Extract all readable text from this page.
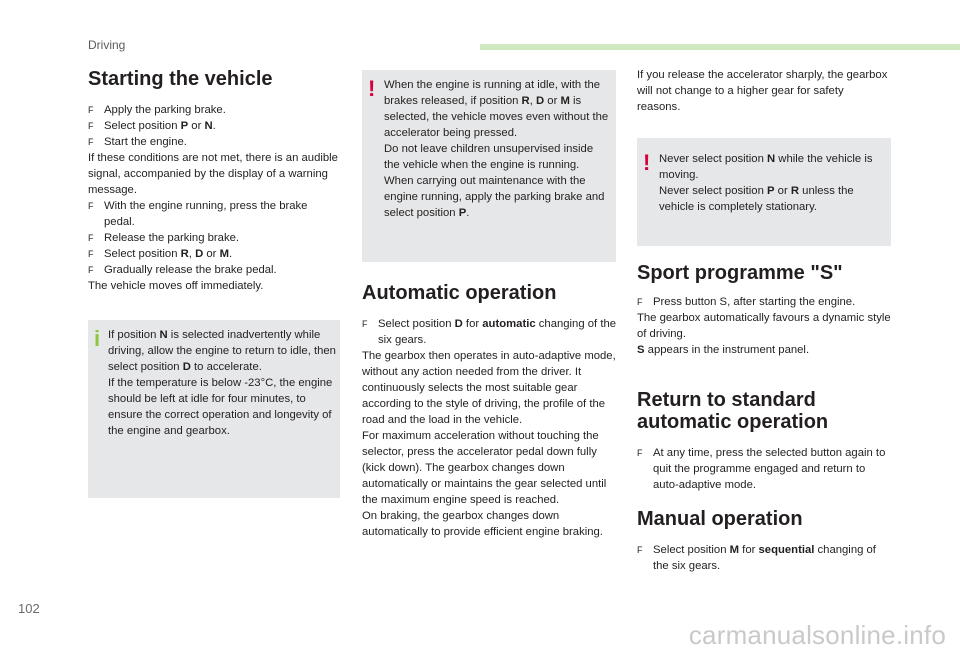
Driving
Starting the vehicle
F Apply the parking brake.
F Select position P or N.
F Start the engine.

If these conditions are not met, there is an audible signal, accompanied by the display of a warning message.

F With the engine running, press the brake pedal.
F Release the parking brake.
F Select position R, D or M.
F Gradually release the brake pedal.

The vehicle moves off immediately.

i If position N is selected inadvertently while driving, allow the engine to return to idle, then select position D to accelerate.

If the temperature is below -23°C, the engine should be left at idle for four minutes, to ensure the correct operation and longevity of the engine and gearbox.

! When the engine is running at idle, with the brakes released, if position R, D or M is selected, the vehicle moves even without the accelerator being pressed.

Do not leave children unsupervised inside the vehicle when the engine is running.

When carrying out maintenance with the engine running, apply the parking brake and select position P.

Automatic operation
F Select position D for automatic changing of the six gears.

The gearbox then operates in auto-adaptive mode, without any action needed from the driver. It continuously selects the most suitable gear according to the style of driving, the profile of the road and the load in the vehicle.

For maximum acceleration without touching the selector, press the accelerator pedal down fully (kick down). The gearbox changes down automatically or maintains the gear selected until the maximum engine speed is reached.

On braking, the gearbox changes down automatically to provide efficient engine braking.

If you release the accelerator sharply, the gearbox will not change to a higher gear for safety reasons.
! Never select position N while the vehicle is moving.

Never select position P or R unless the vehicle is completely stationary.

Sport programme "S"
F Press button S, after starting the engine.

The gearbox automatically favours a dynamic style of driving.

S appears in the instrument panel.

Return to standard
automatic operation
F At any time, press the selected button again to quit the programme engaged and return to auto-adaptive mode.
Manual operation
F Select position M for sequential changing of the six gears.
102
carmanualsonline.info
